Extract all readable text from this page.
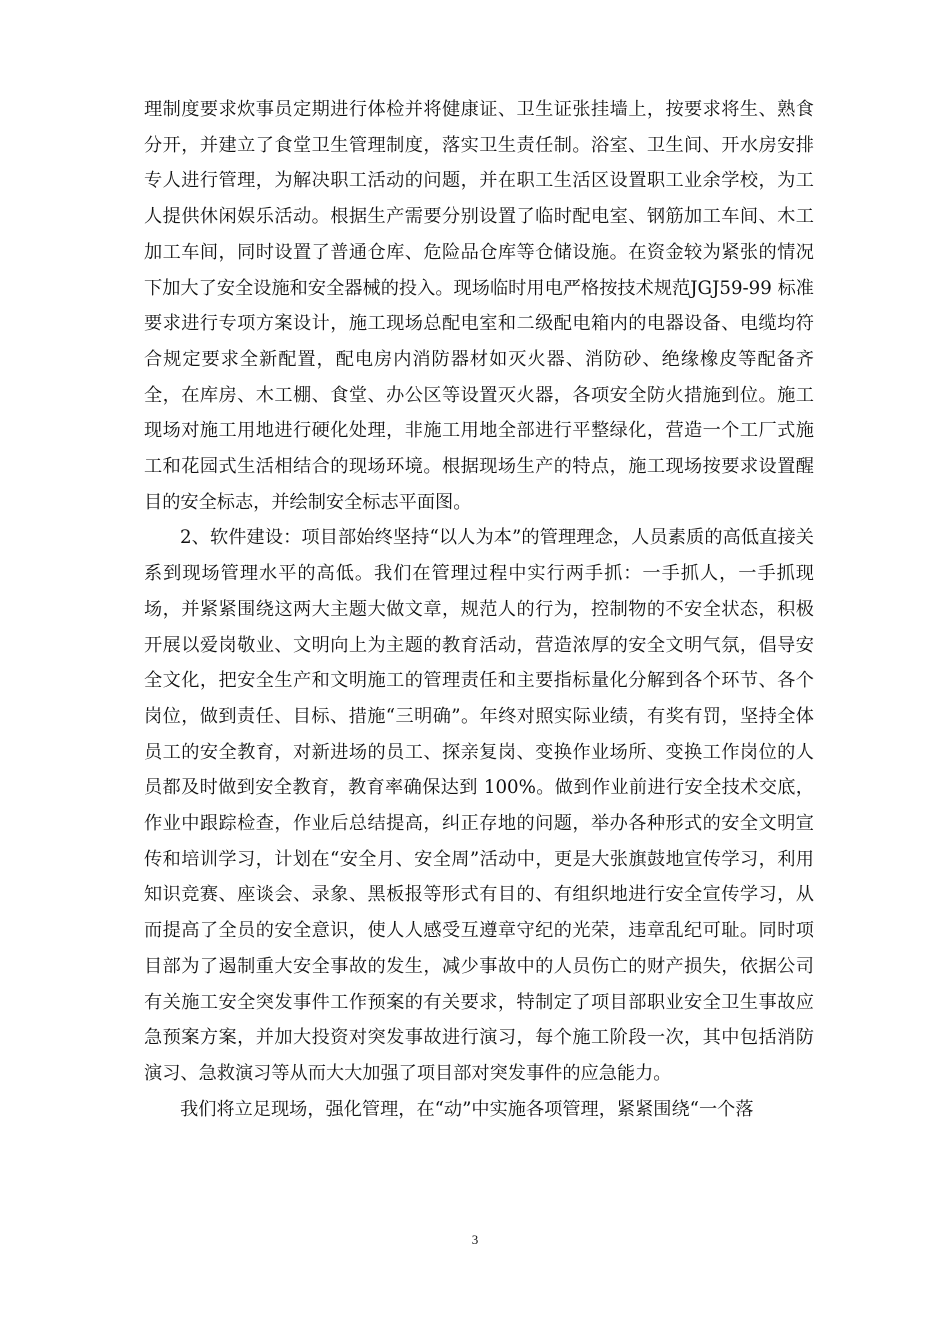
理制度要求炊事员定期进行体检并将健康证、卫生证张挂墙上，按要求将生、熟食分开，并建立了食堂卫生管理制度，落实卫生责任制。浴室、卫生间、开水房安排专人进行管理，为解决职工活动的问题，并在职工生活区设置职工业余学校，为工人提供休闲娱乐活动。根据生产需要分别设置了临时配电室、钢筋加工车间、木工加工车间，同时设置了普通仓库、危险品仓库等仓储设施。在资金较为紧张的情况下加大了安全设施和安全器械的投入。现场临时用电严格按技术规范JGJ59-99 标准要求进行专项方案设计，施工现场总配电室和二级配电箱内的电器设备、电缆均符合规定要求全新配置，配电房内消防器材如灭火器、消防砂、绝缘橡皮等配备齐全，在库房、木工棚、食堂、办公区等设置灭火器，各项安全防火措施到位。施工现场对施工用地进行硬化处理，非施工用地全部进行平整绿化，营造一个工厂式施工和花园式生活相结合的现场环境。根据现场生产的特点，施工现场按要求设置醒目的安全标志，并绘制安全标志平面图。

2、软件建设：项目部始终坚持“以人为本”的管理理念，人员素质的高低直接关系到现场管理水平的高低。我们在管理过程中实行两手抓：一手抓人，一手抓现场，并紧紧围绕这两大主题大做文章，规范人的行为，控制物的不安全状态，积极开展以爱岗敬业、文明向上为主题的教育活动，营造浓厚的安全文明气氛，倡导安全文化，把安全生产和文明施工的管理责任和主要指标量化分解到各个环节、各个岗位，做到责任、目标、措施“三明确”。年终对照实际业绩，有奖有罚，坚持全体员工的安全教育，对新进场的员工、探亲复岗、变换作业场所、变换工作岗位的人员都及时做到安全教育，教育率确保达到 100%。做到作业前进行安全技术交底，作业中跟踪检查，作业后总结提高，纠正存地的问题，举办各种形式的安全文明宣传和培训学习，计划在“安全月、安全周”活动中，更是大张旗鼓地宣传学习，利用知识竞赛、座谈会、录象、黑板报等形式有目的、有组织地进行安全宣传学习，从而提高了全员的安全意识，使人人感受互遵章守纪的光荣，违章乱纪可耻。同时项目部为了遏制重大安全事故的发生，减少事故中的人员伤亡的财产损失，依据公司有关施工安全突发事件工作预案的有关要求，特制定了项目部职业安全卫生事故应急预案方案，并加大投资对突发事故进行演习，每个施工阶段一次，其中包括消防演习、急救演习等从而大大加强了项目部对突发事件的应急能力。

我们将立足现场，强化管理，在“动”中实施各项管理，紧紧围绕“一个落

3
